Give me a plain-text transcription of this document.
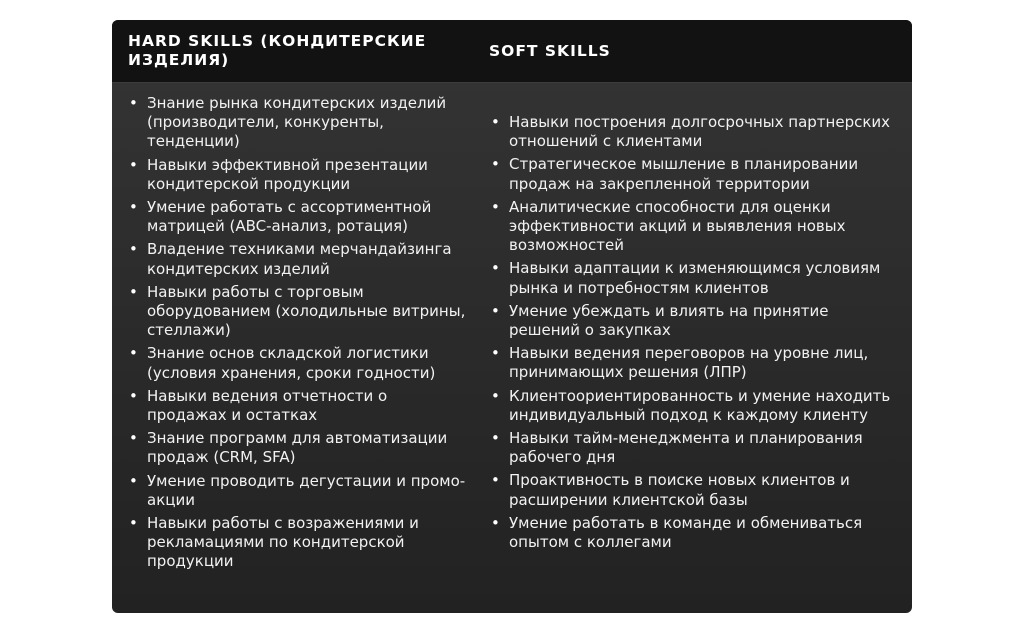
HARD SKILLS (КОНДИТЕРСКИЕ ИЗДЕЛИЯ)	SOFT SKILLS
• Знание рынка кондитерских изделий (производители, конкуренты, тенденции)
• Навыки эффективной презентации кондитерской продукции
• Умение работать с ассортиментной матрицей (ABC-анализ, ротация)
• Владение техниками мерчандайзинга кондитерских изделий
• Навыки работы с торговым оборудованием (холодильные витрины, стеллажи)
• Знание основ складской логистики (условия хранения, сроки годности)
• Навыки ведения отчетности о продажах и остатках
• Знание программ для автоматизации продаж (CRM, SFA)
• Умение проводить дегустации и промо-акции
• Навыки работы с возражениями и рекламациями по кондитерской продукции
• Навыки построения долгосрочных партнерских отношений с клиентами
• Стратегическое мышление в планировании продаж на закрепленной территории
• Аналитические способности для оценки эффективности акций и выявления новых возможностей
• Навыки адаптации к изменяющимся условиям рынка и потребностям клиентов
• Умение убеждать и влиять на принятие решений о закупках
• Навыки ведения переговоров на уровне лиц, принимающих решения (ЛПР)
• Клиентоориентированность и умение находить индивидуальный подход к каждому клиенту
• Навыки тайм-менеджмента и планирования рабочего дня
• Проактивность в поиске новых клиентов и расширении клиентской базы
• Умение работать в команде и обмениваться опытом с коллегами
